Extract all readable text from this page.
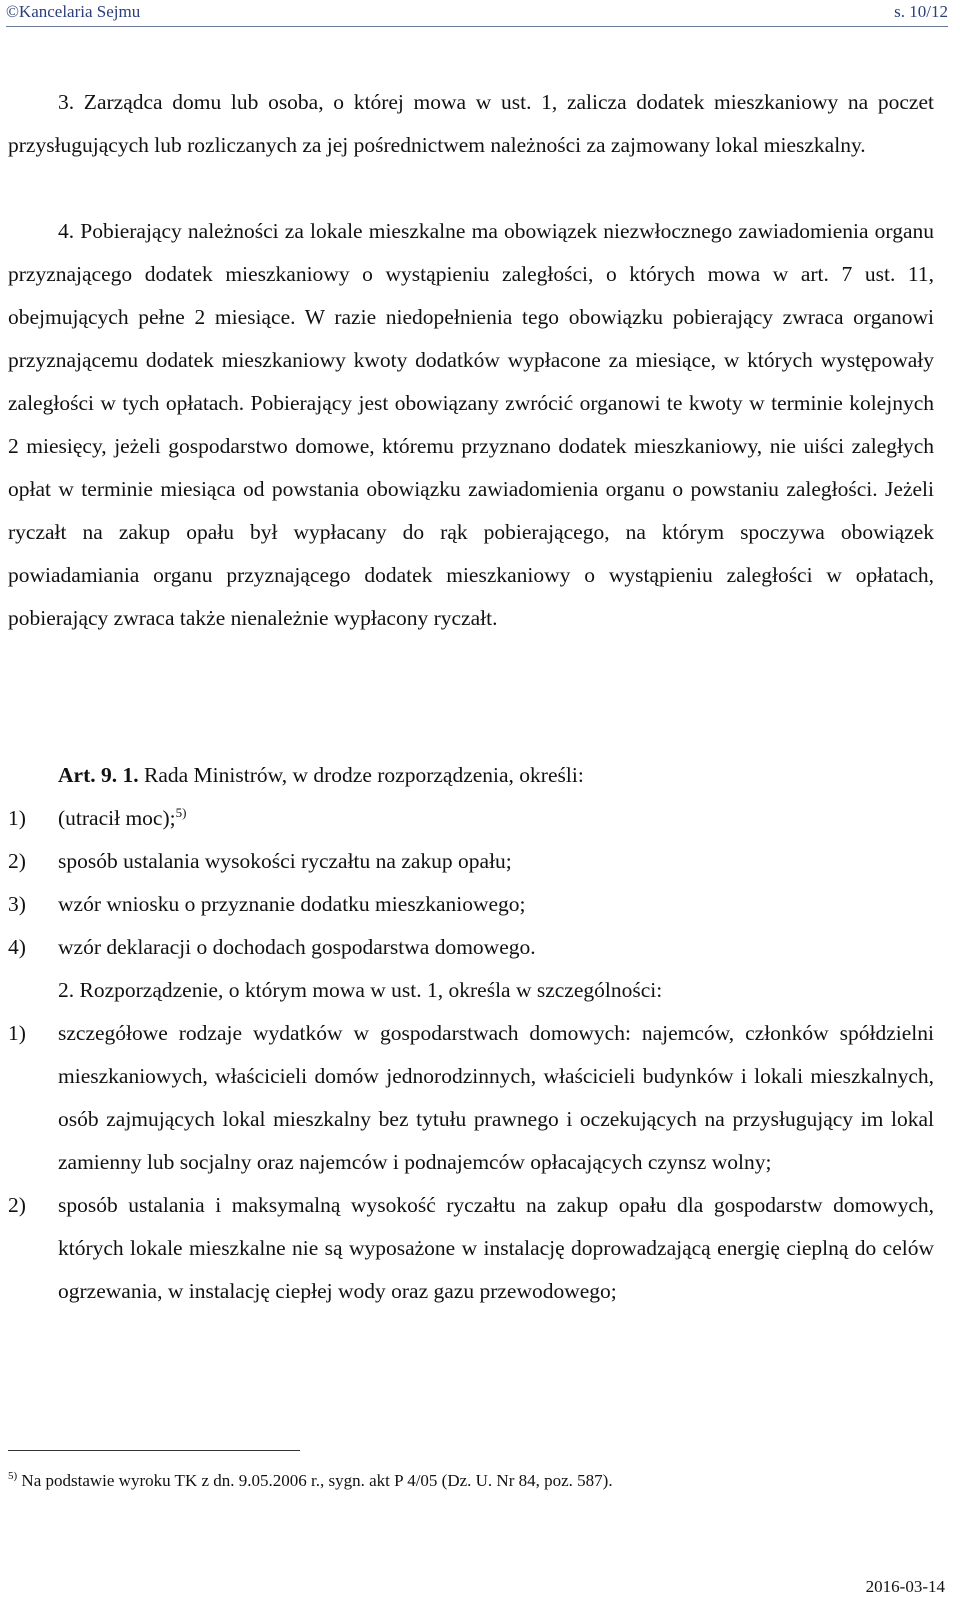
©Kancelaria Sejmu	s. 10/12

3. Zarządca domu lub osoba, o której mowa w ust. 1, zalicza dodatek mieszkaniowy na poczet przysługujących lub rozliczanych za jej pośrednictwem należności za zajmowany lokal mieszkalny.

4. Pobierający należności za lokale mieszkalne ma obowiązek niezwłocznego zawiadomienia organu przyznającego dodatek mieszkaniowy o wystąpieniu zaległości, o których mowa w art. 7 ust. 11, obejmujących pełne 2 miesiące. W razie niedopełnienia tego obowiązku pobierający zwraca organowi przyznającemu dodatek mieszkaniowy kwoty dodatków wypłacone za miesiące, w których występowały zaległości w tych opłatach. Pobierający jest obowiązany zwrócić organowi te kwoty w terminie kolejnych 2 miesięcy, jeżeli gospodarstwo domowe, któremu przyznano dodatek mieszkaniowy, nie uiści zaległych opłat w terminie miesiąca od powstania obowiązku zawiadomienia organu o powstaniu zaległości. Jeżeli ryczałt na zakup opału był wypłacany do rąk pobierającego, na którym spoczywa obowiązek powiadamiania organu przyznającego dodatek mieszkaniowy o wystąpieniu zaległości w opłatach, pobierający zwraca także nienależnie wypłacony ryczałt.

Art. 9. 1. Rada Ministrów, w drodze rozporządzenia, określi:
1)	(utracił moc);$^{5)}$
2)	sposób ustalania wysokości ryczałtu na zakup opału;
3)	wzór wniosku o przyznanie dodatku mieszkaniowego;
4)	wzór deklaracji o dochodach gospodarstwa domowego.
2. Rozporządzenie, o którym mowa w ust. 1, określa w szczególności:
1)	szczegółowe rodzaje wydatków w gospodarstwach domowych: najemców, członków spółdzielni mieszkaniowych, właścicieli domów jednorodzinnych, właścicieli budynków i lokali mieszkalnych, osób zajmujących lokal mieszkalny bez tytułu prawnego i oczekujących na przysługujący im lokal zamienny lub socjalny oraz najemców i podnajemców opłacających czynsz wolny;
2)	sposób ustalania i maksymalną wysokość ryczałtu na zakup opału dla gospodarstw domowych, których lokale mieszkalne nie są wyposażone w instalację doprowadzającą energię cieplną do celów ogrzewania, w instalację ciepłej wody oraz gazu przewodowego;
$^{5)}$ Na podstawie wyroku TK z dn. 9.05.2006 r., sygn. akt P 4/05 (Dz. U. Nr 84, poz. 587).
2016-03-14
